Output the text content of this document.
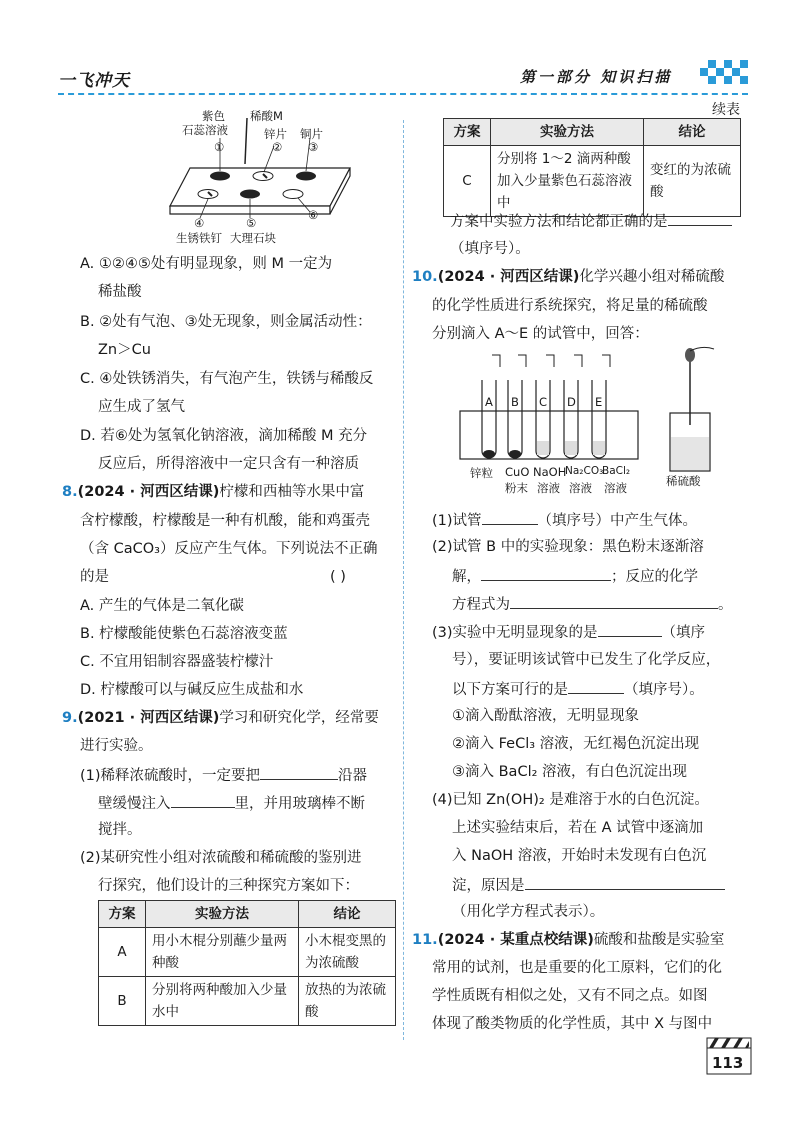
一飞冲天	第一部分 知识扫描
续表
紫色
石蕊溶液
稀酸M
锌片 铜片
①	② ③
④	⑤
⑥
生锈铁钉 大理石块
A. ①②④⑤处有明显现象，则 M 一定为
稀盐酸
B. ②处有气泡、③处无现象，则金属活动性：
Zn＞Cu
C. ④处铁锈消失，有气泡产生，铁锈与稀酸反
应生成了氢气
D. 若⑥处为氢氧化钠溶液，滴加稀酸 M 充分
反应后，所得溶液中一定只含有一种溶质
8.(2024 · 河西区结课)柠檬和西柚等水果中富
含柠檬酸，柠檬酸是一种有机酸，能和鸡蛋壳
（含 CaCO₃）反应产生气体。下列说法不正确
的是	( )
A. 产生的气体是二氧化碳
B. 柠檬酸能使紫色石蕊溶液变蓝
C. 不宜用铝制容器盛装柠檬汁
D. 柠檬酸可以与碱反应生成盐和水
9.(2021 · 河西区结课)学习和研究化学，经常要
进行实验。
(1)稀释浓硫酸时，一定要把	沿器
壁缓慢注入	里，并用玻璃棒不断
搅拌。
(2)某研究性小组对浓硫酸和稀硫酸的鉴别进
行探究，他们设计的三种探究方案如下：
方案	实验方法	结论
A	用小木棍分别蘸少量两种酸	小木棍变黑的为浓硫酸
B	分别将两种酸加入少量水中	放热的为浓硫酸
方案	实验方法	结论
C	分别将 1～2 滴两种酸加入少量紫色石蕊溶液中	变红的为浓硫酸
方案中实验方法和结论都正确的是
（填序号）。
10.(2024 · 河西区结课)化学兴趣小组对稀硫酸
的化学性质进行系统探究，将足量的稀硫酸
分别滴入 A～E 的试管中，回答：
A B C D E
锌粒 CuO
粉末
NaOH
溶液
Na₂CO₃
溶液
BaCl₂
溶液	稀硫酸
(1)试管	（填序号）中产生气体。
(2)试管 B 中的实验现象：黑色粉末逐渐溶
解，	；反应的化学
方程式为	。
(3)实验中无明显现象的是	（填序
号），要证明该试管中已发生了化学反应，
以下方案可行的是	（填序号）。
①滴入酚酞溶液，无明显现象
②滴入 FeCl₃ 溶液，无红褐色沉淀出现
③滴入 BaCl₂ 溶液，有白色沉淀出现
(4)已知 Zn(OH)₂ 是难溶于水的白色沉淀。
上述实验结束后，若在 A 试管中逐滴加
入 NaOH 溶液，开始时未发现有白色沉
淀，原因是
（用化学方程式表示）。
11.(2024 · 某重点校结课)硫酸和盐酸是实验室
常用的试剂，也是重要的化工原料，它们的化
学性质既有相似之处，又有不同之点。如图
体现了酸类物质的化学性质，其中 X 与图中
113
